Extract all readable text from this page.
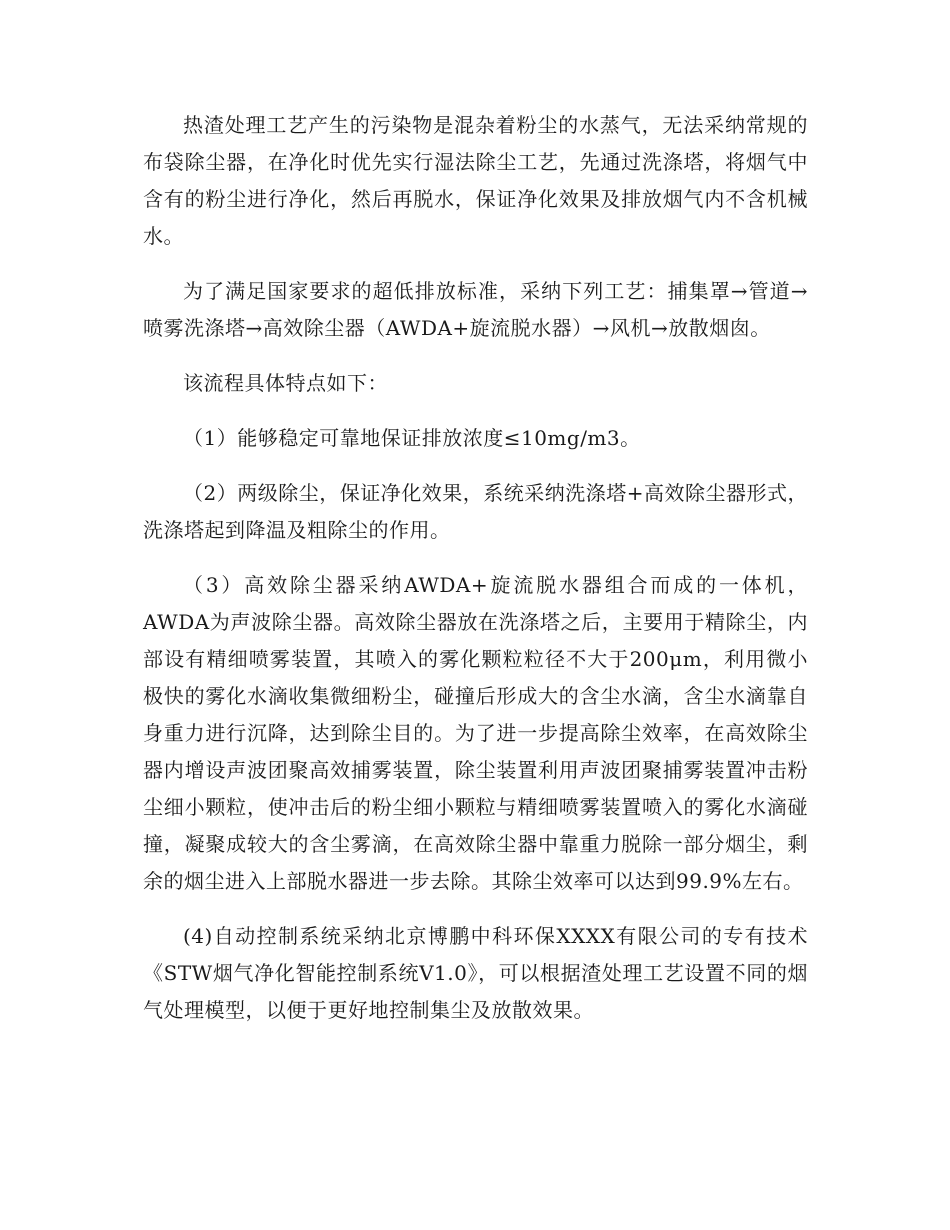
热渣处理工艺产生的污染物是混杂着粉尘的水蒸气，无法采纳常规的布袋除尘器，在净化时优先实行湿法除尘工艺，先通过洗涤塔，将烟气中含有的粉尘进行净化，然后再脱水，保证净化效果及排放烟气内不含机械水。

为了满足国家要求的超低排放标准，采纳下列工艺：捕集罩→管道→喷雾洗涤塔→高效除尘器（AWDA+旋流脱水器）→风机→放散烟囱。

该流程具体特点如下：

（1）能够稳定可靠地保证排放浓度≤10mg/m3。

（2）两级除尘，保证净化效果，系统采纳洗涤塔+高效除尘器形式，洗涤塔起到降温及粗除尘的作用。

（3）高效除尘器采纳AWDA+旋流脱水器组合而成的一体机，AWDA为声波除尘器。高效除尘器放在洗涤塔之后，主要用于精除尘，内部设有精细喷雾装置，其喷入的雾化颗粒粒径不大于200μm，利用微小极快的雾化水滴收集微细粉尘，碰撞后形成大的含尘水滴，含尘水滴靠自身重力进行沉降，达到除尘目的。为了进一步提高除尘效率，在高效除尘器内增设声波团聚高效捕雾装置，除尘装置利用声波团聚捕雾装置冲击粉尘细小颗粒，使冲击后的粉尘细小颗粒与精细喷雾装置喷入的雾化水滴碰撞，凝聚成较大的含尘雾滴，在高效除尘器中靠重力脱除一部分烟尘，剩余的烟尘进入上部脱水器进一步去除。其除尘效率可以达到99.9%左右。

(4)自动控制系统采纳北京博鹏中科环保XXXX有限公司的专有技术《STW烟气净化智能控制系统V1.0》，可以根据渣处理工艺设置不同的烟气处理模型，以便于更好地控制集尘及放散效果。
